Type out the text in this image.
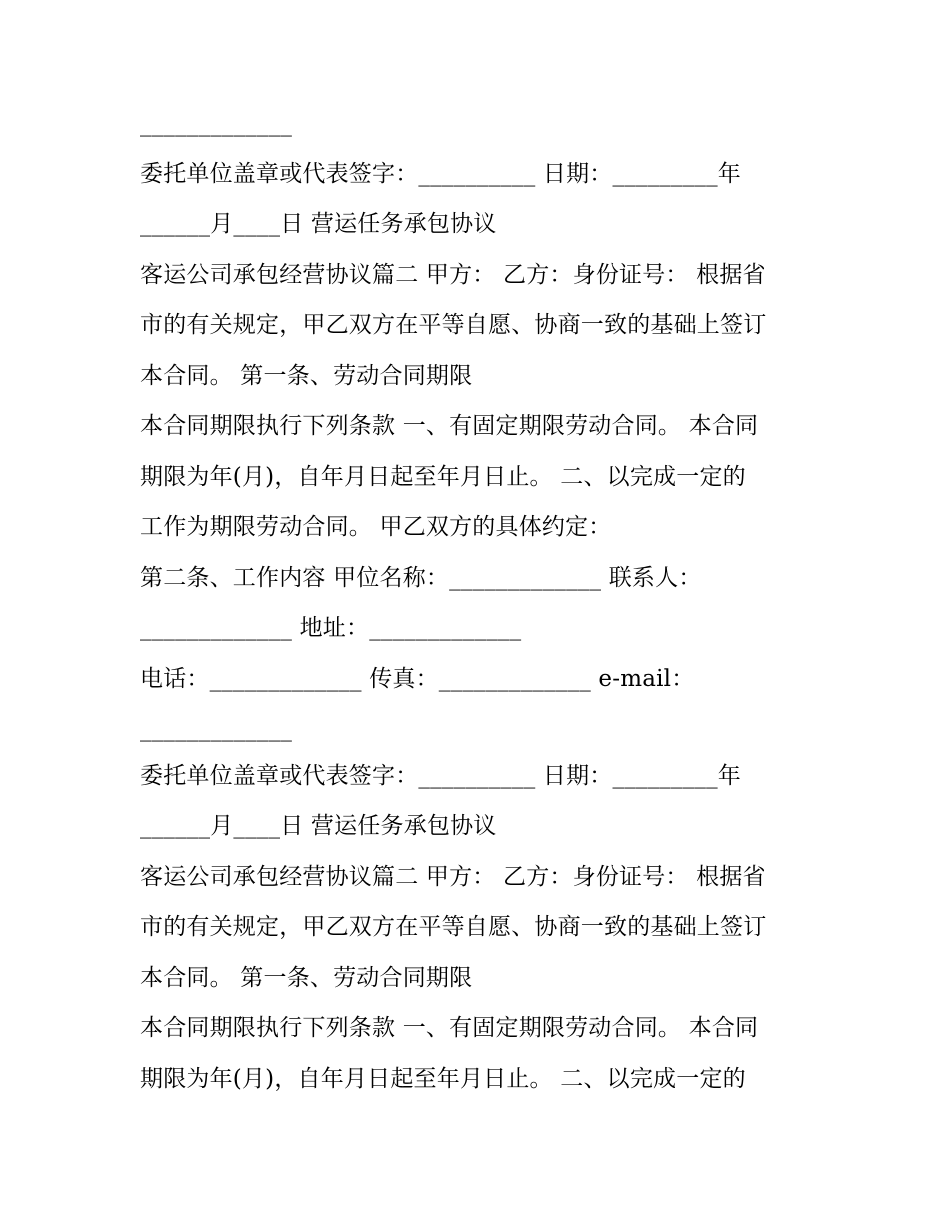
_____________
委托单位盖章或代表签字：__________ 日期：_________年
______月____日 营运任务承包协议
客运公司承包经营协议篇二 甲方： 乙方：身份证号： 根据省
市的有关规定，甲乙双方在平等自愿、协商一致的基础上签订
本合同。 第一条、劳动合同期限
本合同期限执行下列条款 一、有固定期限劳动合同。 本合同
期限为年(月)，自年月日起至年月日止。 二、以完成一定的
工作为期限劳动合同。 甲乙双方的具体约定：
第二条、工作内容 甲位名称：_____________ 联系人：
_____________ 地址：_____________
电话：_____________ 传真：_____________ e-mail：
_____________
委托单位盖章或代表签字：__________ 日期：_________年
______月____日 营运任务承包协议
客运公司承包经营协议篇二 甲方： 乙方：身份证号： 根据省
市的有关规定，甲乙双方在平等自愿、协商一致的基础上签订
本合同。 第一条、劳动合同期限
本合同期限执行下列条款 一、有固定期限劳动合同。 本合同
期限为年(月)，自年月日起至年月日止。 二、以完成一定的
